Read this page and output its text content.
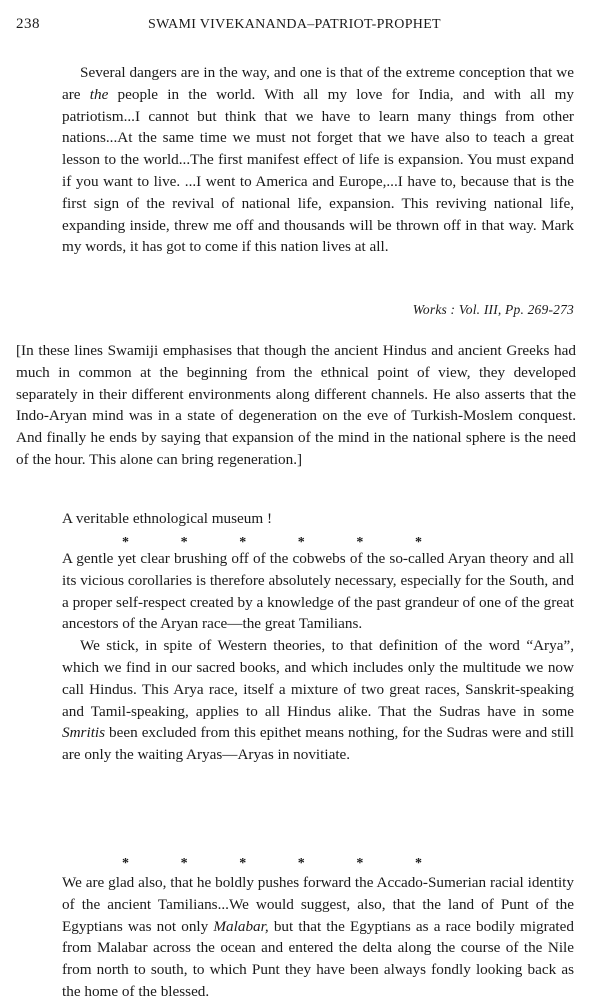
238	SWAMI VIVEKANANDA–PATRIOT-PROPHET

Several dangers are in the way, and one is that of the extreme conception that we are the people in the world. With all my love for India, and with all my patriotism...I cannot but think that we have to learn many things from other nations...At the same time we must not forget that we have also to teach a great lesson to the world...The first manifest effect of life is expansion. You must expand if you want to live. ...I went to America and Europe,...I have to, because that is the first sign of the revival of national life, expansion. This reviving national life, expanding inside, threw me off and thousands will be thrown off in that way. Mark my words, it has got to come if this nation lives at all.

Works : Vol. III, Pp. 269-273

[In these lines Swamiji emphasises that though the ancient Hindus and ancient Greeks had much in common at the beginning from the ethnical point of view, they developed separately in their different environments along different channels. He also asserts that the Indo-Aryan mind was in a state of degeneration on the eve of Turkish-Moslem conquest. And finally he ends by saying that expansion of the mind in the national sphere is the need of the hour. This alone can bring regeneration.]

A veritable ethnological museum !
*	*	*	*	*	*

A gentle yet clear brushing off of the cobwebs of the so-called Aryan theory and all its vicious corollaries is therefore absolutely necessary, especially for the South, and a proper self-respect created by a knowledge of the past grandeur of one of the great ancestors of the Aryan race—the great Tamilians.

We stick, in spite of Western theories, to that definition of the word “Arya”, which we find in our sacred books, and which includes only the multitude we now call Hindus. This Arya race, itself a mixture of two great races, Sanskrit-speaking and Tamil-speaking, applies to all Hindus alike. That the Sudras have in some Smritis been excluded from this epithet means nothing, for the Sudras were and still are only the waiting Aryas—Aryas in novitiate.

*	*	*	*	*	*

We are glad also, that he boldly pushes forward the Accado-Sumerian racial identity of the ancient Tamilians...We would suggest, also, that the land of Punt of the Egyptians was not only Malabar, but that the Egyptians as a race bodily migrated from Malabar across the ocean and entered the delta along the course of the Nile from north to south, to which Punt they have been always fondly looking back as the home of the blessed.
